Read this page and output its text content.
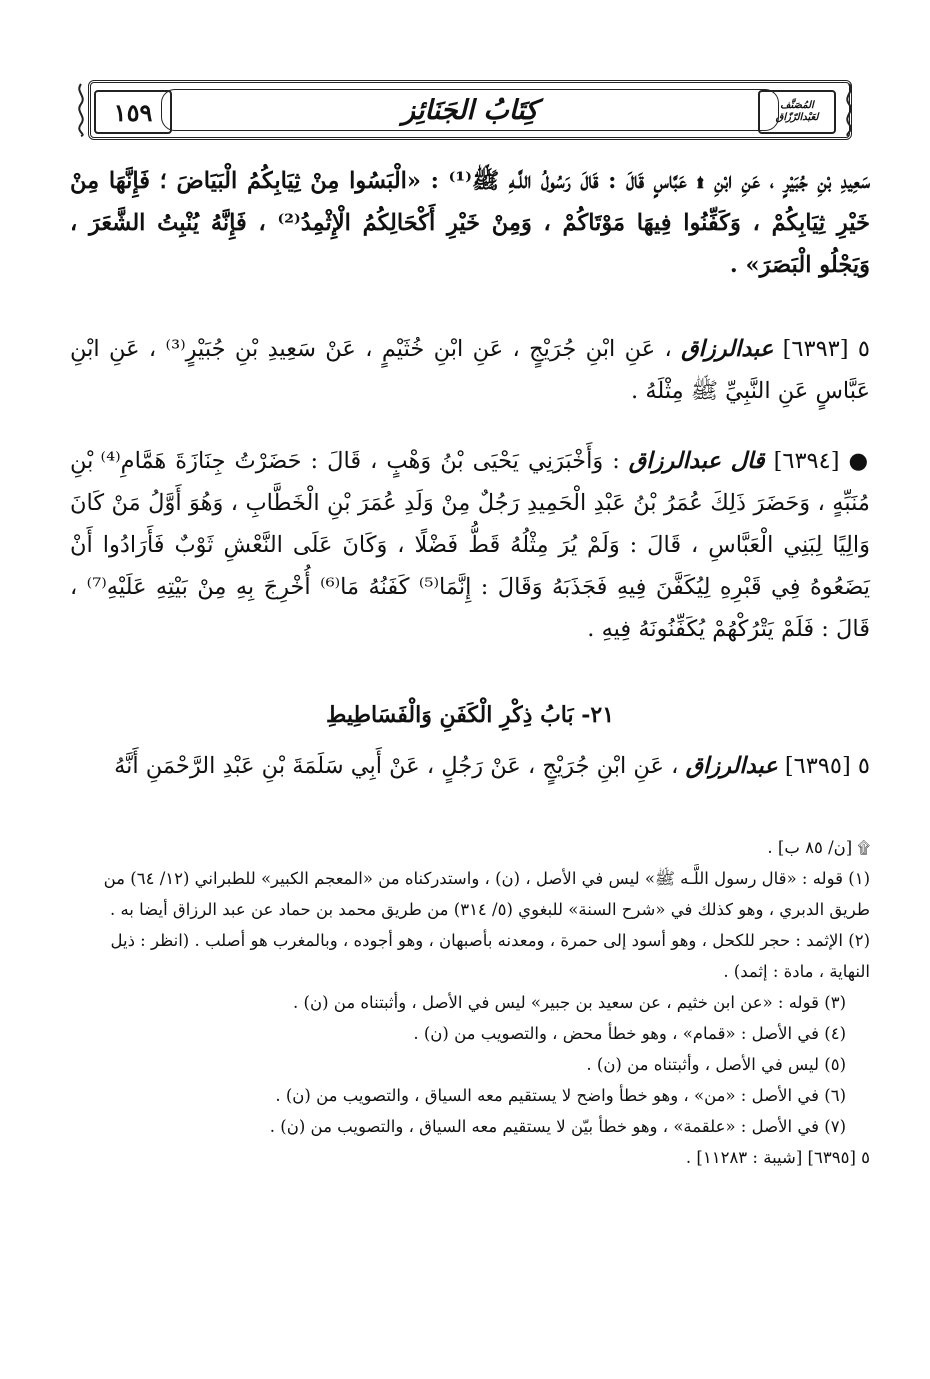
كِتَابُ الجَنَائِز
١٥٩	المُصَنَّف
لعَبْدالرّزّاق
سَعِيدِ بْنِ جُبَيْرٍ ، عَنِ ابْنِ ۩ عَبَّاسٍ قَالَ : قَالَ رَسُولُ اللَّـهِ ﷺ⁽¹⁾ : «الْبَسُوا مِنْ ثِيَابِكُمُ الْبَيَاضَ ؛ فَإِنَّهَا مِنْ خَيْرِ ثِيَابِكُمْ ، وَكَفِّنُوا فِيهَا مَوْتَاكُمْ ، وَمِنْ خَيْرِ أَكْحَالِكُمُ الْإِثْمِدُ⁽²⁾ ، فَإِنَّهُ يُنْبِتُ الشَّعَرَ ، وَيَجْلُو الْبَصَرَ» .
٥ [٦٣٩٣] عبدالرزاق ، عَنِ ابْنِ جُرَيْجٍ ، عَنِ ابْنِ خُثَيْمٍ ، عَنْ سَعِيدِ بْنِ جُبَيْرٍ⁽³⁾ ، عَنِ ابْنِ عَبَّاسٍ عَنِ النَّبِيِّ ﷺ مِثْلَهُ .
● [٦٣٩٤] قال عبدالرزاق : وَأَخْبَرَنِي يَحْيَى بْنُ وَهْبٍ ، قَالَ : حَضَرْتُ جِنَازَةَ هَمَّامِ⁽⁴⁾ بْنِ مُنَبِّهٍ ، وَحَضَرَ ذَلِكَ عُمَرُ بْنُ عَبْدِ الْحَمِيدِ رَجُلٌ مِنْ وَلَدِ عُمَرَ بْنِ الْخَطَّابِ ، وَهُوَ أَوَّلُ مَنْ كَانَ وَالِيًا لِبَنِي الْعَبَّاسِ ، قَالَ : وَلَمْ يُرَ مِثْلُهُ قَطُّ فَضْلًا ، وَكَانَ عَلَى النَّعْشِ ثَوْبٌ فَأَرَادُوا أَنْ يَضَعُوهُ فِي قَبْرِهِ لِيُكَفَّنَ فِيهِ فَجَذَبَهُ وَقَالَ : إِنَّمَا⁽⁵⁾ كَفَنُهُ مَا⁽⁶⁾ أُخْرِجَ بِهِ مِنْ بَيْتِهِ عَلَيْهِ⁽⁷⁾ ، قَالَ : فَلَمْ يَتْرُكْهُمْ يُكَفِّنُونَهُ فِيهِ .
٢١- بَابُ ذِكْرِ الْكَفَنِ وَالْفَسَاطِيطِ
٥ [٦٣٩٥] عبدالرزاق ، عَنِ ابْنِ جُرَيْجٍ ، عَنْ رَجُلٍ ، عَنْ أَبِي سَلَمَةَ بْنِ عَبْدِ الرَّحْمَنِ أَنَّهُ

۩ [ن/ ٨٥ ب] .

(١) قوله : «قال رسول اللَّـه ﷺ» ليس في الأصل ، (ن) ، واستدركناه من «المعجم الكبير» للطبراني (١٢/ ٦٤) من طريق الدبري ، وهو كذلك في «شرح السنة» للبغوي (٥/ ٣١٤) من طريق محمد بن حماد عن عبد الرزاق أيضا به .

(٢) الإثمد : حجر للكحل ، وهو أسود إلى حمرة ، ومعدنه بأصبهان ، وهو أجوده ، وبالمغرب هو أصلب . (انظر : ذيل النهاية ، مادة : إثمد) .

(٣) قوله : «عن ابن خثيم ، عن سعيد بن جبير» ليس في الأصل ، وأثبتناه من (ن) .

(٤) في الأصل : «قمام» ، وهو خطأ محض ، والتصويب من (ن) .

(٥) ليس في الأصل ، وأثبتناه من (ن) .

(٦) في الأصل : «من» ، وهو خطأ واضح لا يستقيم معه السياق ، والتصويب من (ن) .

(٧) في الأصل : «علقمة» ، وهو خطأ بيّن لا يستقيم معه السياق ، والتصويب من (ن) .

٥ [٦٣٩٥] [شيبة : ١١٢٨٣] .
